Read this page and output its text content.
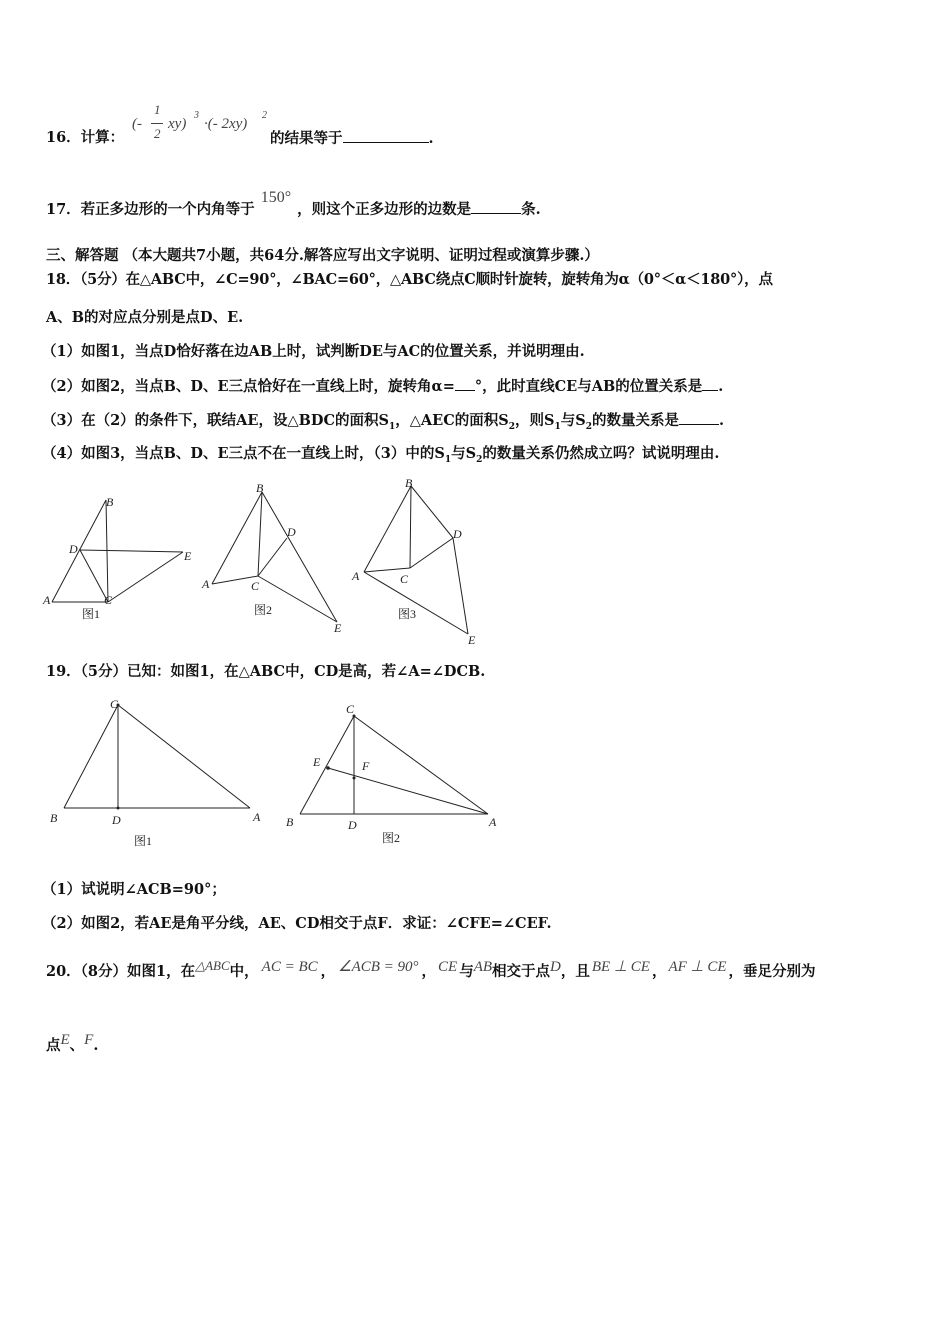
16．计算：
(-
1
2
xy)
3
·(- 2xy)
2
的结果等于	.
17．若正多边形的一个内角等于150°，则这个正多边形的边数是	条.
三、解答题 （本大题共7小题，共64分.解答应写出文字说明、证明过程或演算步骤.）
18．（5分）在△ABC中，∠C=90°，∠BAC=60°，△ABC绕点C顺时针旋转，旋转角为α（0°＜α＜180°），点
A、B的对应点分别是点D、E.
（1）如图1，当点D恰好落在边AB上时，试判断DE与AC的位置关系，并说明理由.
（2）如图2，当点B、D、E三点恰好在一直线上时，旋转角α= °，此时直线CE与AB的位置关系是 .
（3）在（2）的条件下，联结AE，设△BDC的面积$S_1$，△AEC的面积$S_2$，则$S_1$与$S_2$的数量关系是	.
（4）如图3，当点B、D、E三点不在一直线上时，（3）中的$S_1$与$S_2$的数量关系仍然成立吗？试说明理由.
A
B
C
D	E
图1
A
B
C
D
E
图2
A
B
C
D
E
图3
19．（5分）已知：如图1，在△ABC中，CD是高，若∠A=∠DCB.
B
C
D	A
图1
B
C
D
E	F
A
图2
（1）试说明∠ACB=90°；
（2）如图2，若AE是角平分线，AE、CD相交于点F．求证：∠CFE=∠CEF.
20．（8分）如图1，在△ABC中， AC = BC ， ∠ACB = 90° ， CE 与AB相交于点D，且 BE ⊥ CE ， AF ⊥ CE ，垂足分别为
点E、F.
